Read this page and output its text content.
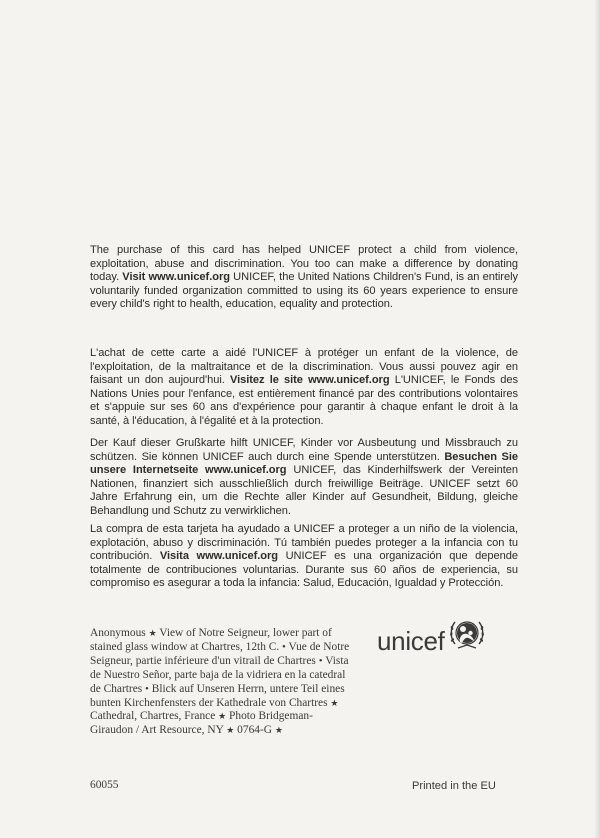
The purchase of this card has helped UNICEF protect a child from violence, exploitation, abuse and discrimination. You too can make a difference by donating today. Visit www.unicef.org UNICEF, the United Nations Children's Fund, is an entirely voluntarily funded organization committed to using its 60 years experience to ensure every child's right to health, education, equality and protection.
L'achat de cette carte a aidé l'UNICEF à protéger un enfant de la violence, de l'exploitation, de la maltraitance et de la discrimination. Vous aussi pouvez agir en faisant un don aujourd'hui. Visitez le site www.unicef.org L'UNICEF, le Fonds des Nations Unies pour l'enfance, est entièrement financé par des contributions volontaires et s'appuie sur ses 60 ans d'expérience pour garantir à chaque enfant le droit à la santé, à l'éducation, à l'égalité et à la protection.
Der Kauf dieser Grußkarte hilft UNICEF, Kinder vor Ausbeutung und Missbrauch zu schützen. Sie können UNICEF auch durch eine Spende unterstützen. Besuchen Sie unsere Internetseite www.unicef.org UNICEF, das Kinderhilfswerk der Vereinten Nationen, finanziert sich ausschließlich durch freiwillige Beiträge. UNICEF setzt 60 Jahre Erfahrung ein, um die Rechte aller Kinder auf Gesundheit, Bildung, gleiche Behandlung und Schutz zu verwirklichen.
La compra de esta tarjeta ha ayudado a UNICEF a proteger a un niño de la violencia, explotación, abuso y discriminación. Tú también puedes proteger a la infancia con tu contribución. Visita www.unicef.org UNICEF es una organización que depende totalmente de contribuciones voluntarias. Durante sus 60 años de experiencia, su compromiso es asegurar a toda la infancia: Salud, Educación, Igualdad y Protección.
Anonymous ★ View of Notre Seigneur, lower part of stained glass window at Chartres, 12th C. • Vue de Notre Seigneur, partie inférieure d'un vitrail de Chartres • Vista de Nuestro Señor, parte baja de la vidriera en la catedral de Chartres • Blick auf Unseren Herrn, untere Teil eines bunten Kirchenfensters der Kathedrale von Chartres ★ Cathedral, Chartres, France ★ Photo Bridgeman-Giraudon / Art Resource, NY ★ 0764-G ★
unicef
60055	Printed in the EU
